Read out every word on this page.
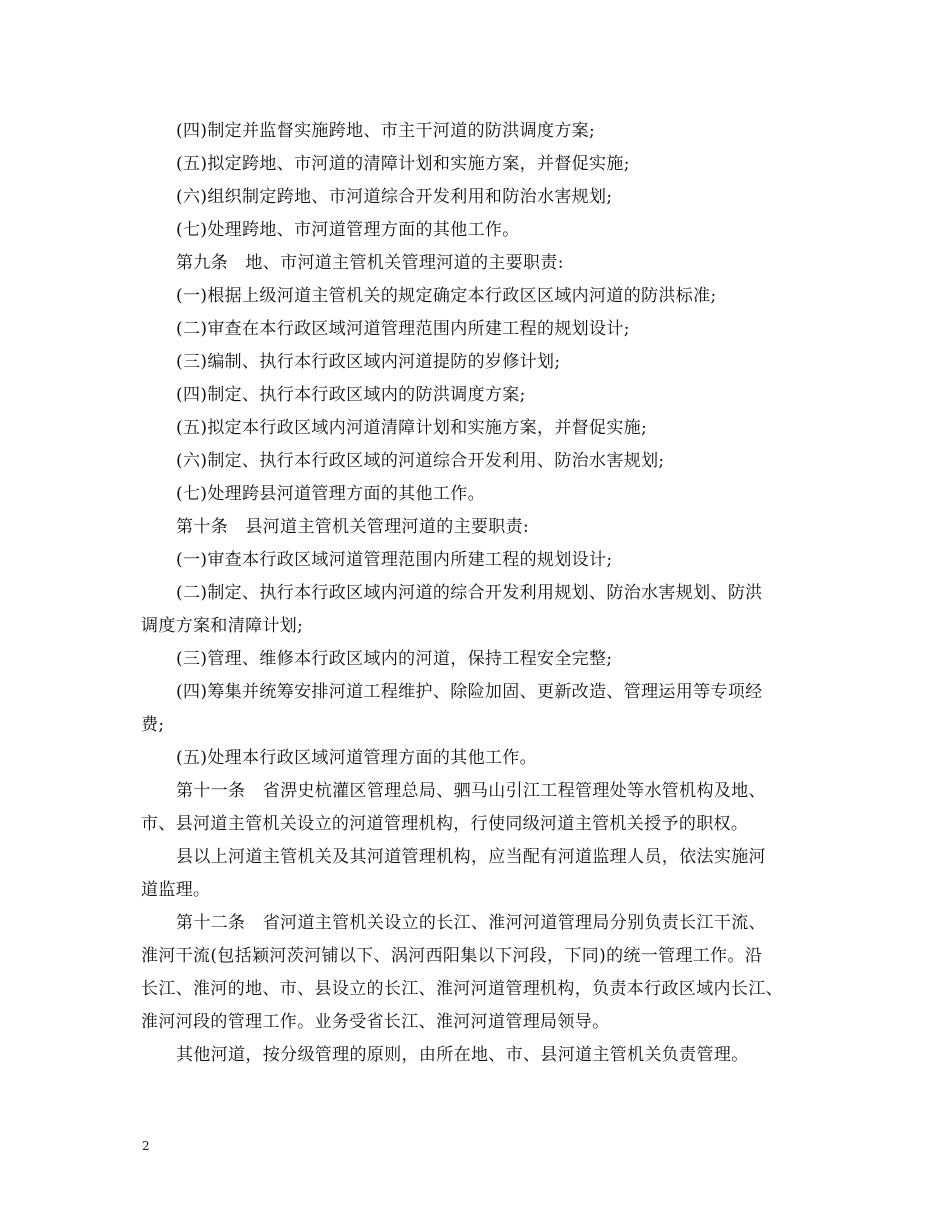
(四)制定并监督实施跨地、市主干河道的防洪调度方案;
(五)拟定跨地、市河道的清障计划和实施方案，并督促实施;
(六)组织制定跨地、市河道综合开发利用和防治水害规划;
(七)处理跨地、市河道管理方面的其他工作。
第九条　地、市河道主管机关管理河道的主要职责:
(一)根据上级河道主管机关的规定确定本行政区区域内河道的防洪标准;
(二)审查在本行政区域河道管理范围内所建工程的规划设计;
(三)编制、执行本行政区域内河道提防的岁修计划;
(四)制定、执行本行政区域内的防洪调度方案;
(五)拟定本行政区域内河道清障计划和实施方案，并督促实施;
(六)制定、执行本行政区域的河道综合开发利用、防治水害规划;
(七)处理跨县河道管理方面的其他工作。
第十条　县河道主管机关管理河道的主要职责:
(一)审查本行政区域河道管理范围内所建工程的规划设计;
(二)制定、执行本行政区域内河道的综合开发利用规划、防治水害规划、防洪
调度方案和清障计划;
(三)管理、维修本行政区域内的河道，保持工程安全完整;
(四)筹集并统筹安排河道工程维护、除险加固、更新改造、管理运用等专项经
费;
(五)处理本行政区域河道管理方面的其他工作。
第十一条　省淠史杭灌区管理总局、驷马山引江工程管理处等水管机构及地、
市、县河道主管机关设立的河道管理机构，行使同级河道主管机关授予的职权。
县以上河道主管机关及其河道管理机构，应当配有河道监理人员，依法实施河
道监理。
第十二条　省河道主管机关设立的长江、淮河河道管理局分别负责长江干流、
淮河干流(包括颖河茨河铺以下、涡河西阳集以下河段，下同)的统一管理工作。沿
长江、淮河的地、市、县设立的长江、淮河河道管理机构，负责本行政区域内长江、
淮河河段的管理工作。业务受省长江、淮河河道管理局领导。
其他河道，按分级管理的原则，由所在地、市、县河道主管机关负责管理。
2
